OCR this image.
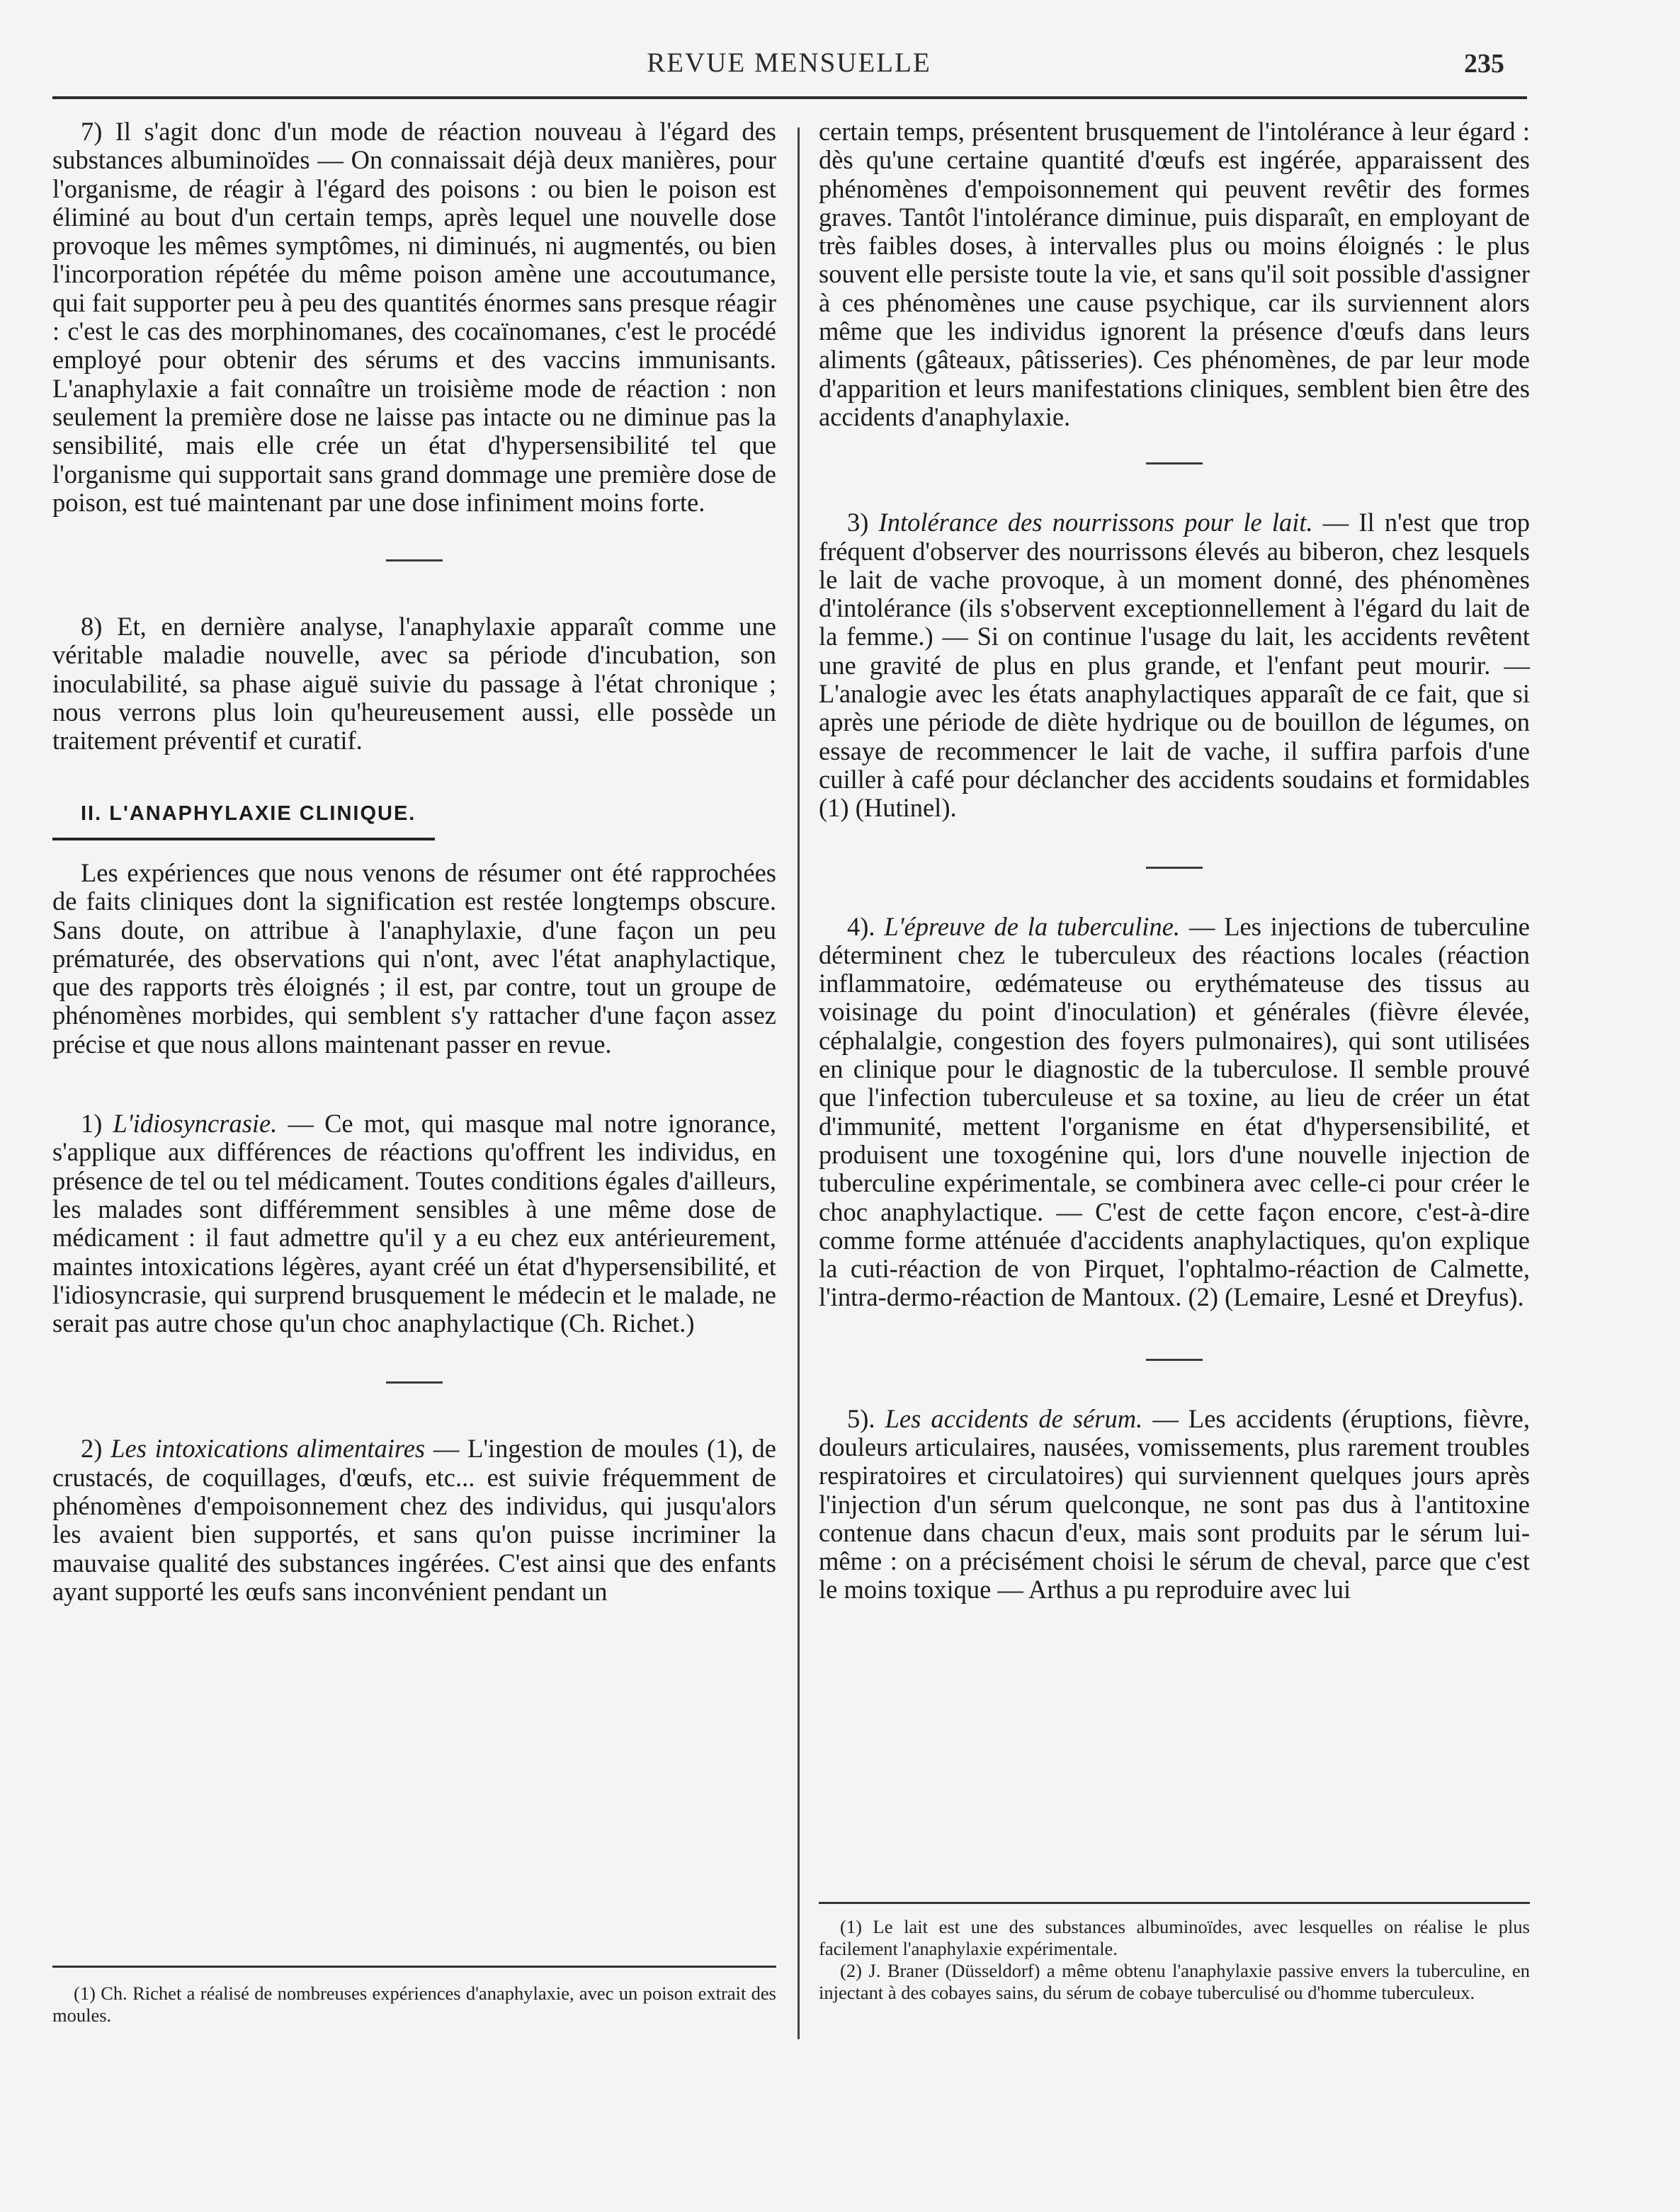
REVUE MENSUELLE	235

7) Il s'agit donc d'un mode de réaction nouveau à l'égard des substances albuminoïdes — On connaissait déjà deux manières, pour l'organisme, de réagir à l'égard des poisons : ou bien le poison est éliminé au bout d'un certain temps, après lequel une nouvelle dose provoque les mêmes symptômes, ni diminués, ni augmentés, ou bien l'incorporation répétée du même poison amène une accoutumance, qui fait supporter peu à peu des quantités énormes sans presque réagir : c'est le cas des morphinomanes, des cocaïnomanes, c'est le procédé employé pour obtenir des sérums et des vaccins immunisants. L'anaphylaxie a fait connaître un troisième mode de réaction : non seulement la première dose ne laisse pas intacte ou ne diminue pas la sensibilité, mais elle crée un état d'hypersensibilité tel que l'organisme qui supportait sans grand dommage une première dose de poison, est tué maintenant par une dose infiniment moins forte.

8) Et, en dernière analyse, l'anaphylaxie apparaît comme une véritable maladie nouvelle, avec sa période d'incubation, son inoculabilité, sa phase aiguë suivie du passage à l'état chronique ; nous verrons plus loin qu'heureusement aussi, elle possède un traitement préventif et curatif.

II. L'ANAPHYLAXIE CLINIQUE.

Les expériences que nous venons de résumer ont été rapprochées de faits cliniques dont la signification est restée longtemps obscure. Sans doute, on attribue à l'anaphylaxie, d'une façon un peu prématurée, des observations qui n'ont, avec l'état anaphylactique, que des rapports très éloignés ; il est, par contre, tout un groupe de phénomènes morbides, qui semblent s'y rattacher d'une façon assez précise et que nous allons maintenant passer en revue.

1) L'idiosyncrasie. — Ce mot, qui masque mal notre ignorance, s'applique aux différences de réactions qu'offrent les individus, en présence de tel ou tel médicament. Toutes conditions égales d'ailleurs, les malades sont différemment sensibles à une même dose de médicament : il faut admettre qu'il y a eu chez eux antérieurement, maintes intoxications légères, ayant créé un état d'hypersensibilité, et l'idiosyncrasie, qui surprend brusquement le médecin et le malade, ne serait pas autre chose qu'un choc anaphylactique (Ch. Richet.)

2) Les intoxications alimentaires — L'ingestion de moules (1), de crustacés, de coquillages, d'œufs, etc... est suivie fréquemment de phénomènes d'empoisonnement chez des individus, qui jusqu'alors les avaient bien supportés, et sans qu'on puisse incriminer la mauvaise qualité des substances ingérées. C'est ainsi que des enfants ayant supporté les œufs sans inconvénient pendant un

certain temps, présentent brusquement de l'intolérance à leur égard : dès qu'une certaine quantité d'œufs est ingérée, apparaissent des phénomènes d'empoisonnement qui peuvent revêtir des formes graves. Tantôt l'intolérance diminue, puis disparaît, en employant de très faibles doses, à intervalles plus ou moins éloignés : le plus souvent elle persiste toute la vie, et sans qu'il soit possible d'assigner à ces phénomènes une cause psychique, car ils surviennent alors même que les individus ignorent la présence d'œufs dans leurs aliments (gâteaux, pâtisseries). Ces phénomènes, de par leur mode d'apparition et leurs manifestations cliniques, semblent bien être des accidents d'anaphylaxie.

3) Intolérance des nourrissons pour le lait. — Il n'est que trop fréquent d'observer des nourrissons élevés au biberon, chez lesquels le lait de vache provoque, à un moment donné, des phénomènes d'intolérance (ils s'observent exceptionnellement à l'égard du lait de la femme.) — Si on continue l'usage du lait, les accidents revêtent une gravité de plus en plus grande, et l'enfant peut mourir. — L'analogie avec les états anaphylactiques apparaît de ce fait, que si après une période de diète hydrique ou de bouillon de légumes, on essaye de recommencer le lait de vache, il suffira parfois d'une cuiller à café pour déclancher des accidents soudains et formidables (1) (Hutinel).

4). L'épreuve de la tuberculine. — Les injections de tuberculine déterminent chez le tuberculeux des réactions locales (réaction inflammatoire, œdémateuse ou erythémateuse des tissus au voisinage du point d'inoculation) et générales (fièvre élevée, céphalalgie, congestion des foyers pulmonaires), qui sont utilisées en clinique pour le diagnostic de la tuberculose. Il semble prouvé que l'infection tuberculeuse et sa toxine, au lieu de créer un état d'immunité, mettent l'organisme en état d'hypersensibilité, et produisent une toxogénine qui, lors d'une nouvelle injection de tuberculine expérimentale, se combinera avec celle-ci pour créer le choc anaphylactique. — C'est de cette façon encore, c'est-à-dire comme forme atténuée d'accidents anaphylactiques, qu'on explique la cuti-réaction de von Pirquet, l'ophtalmo-réaction de Calmette, l'intra-dermo-réaction de Mantoux. (2) (Lemaire, Lesné et Dreyfus).

5). Les accidents de sérum. — Les accidents (éruptions, fièvre, douleurs articulaires, nausées, vomissements, plus rarement troubles respiratoires et circulatoires) qui surviennent quelques jours après l'injection d'un sérum quelconque, ne sont pas dus à l'antitoxine contenue dans chacun d'eux, mais sont produits par le sérum lui-même : on a précisément choisi le sérum de cheval, parce que c'est le moins toxique — Arthus a pu reproduire avec lui

(1) Ch. Richet a réalisé de nombreuses expériences d'anaphylaxie, avec un poison extrait des moules.

(1) Le lait est une des substances albuminoïdes, avec lesquelles on réalise le plus facilement l'anaphylaxie expérimentale.

(2) J. Braner (Düsseldorf) a même obtenu l'anaphylaxie passive envers la tuberculine, en injectant à des cobayes sains, du sérum de cobaye tuberculisé ou d'homme tuberculeux.
